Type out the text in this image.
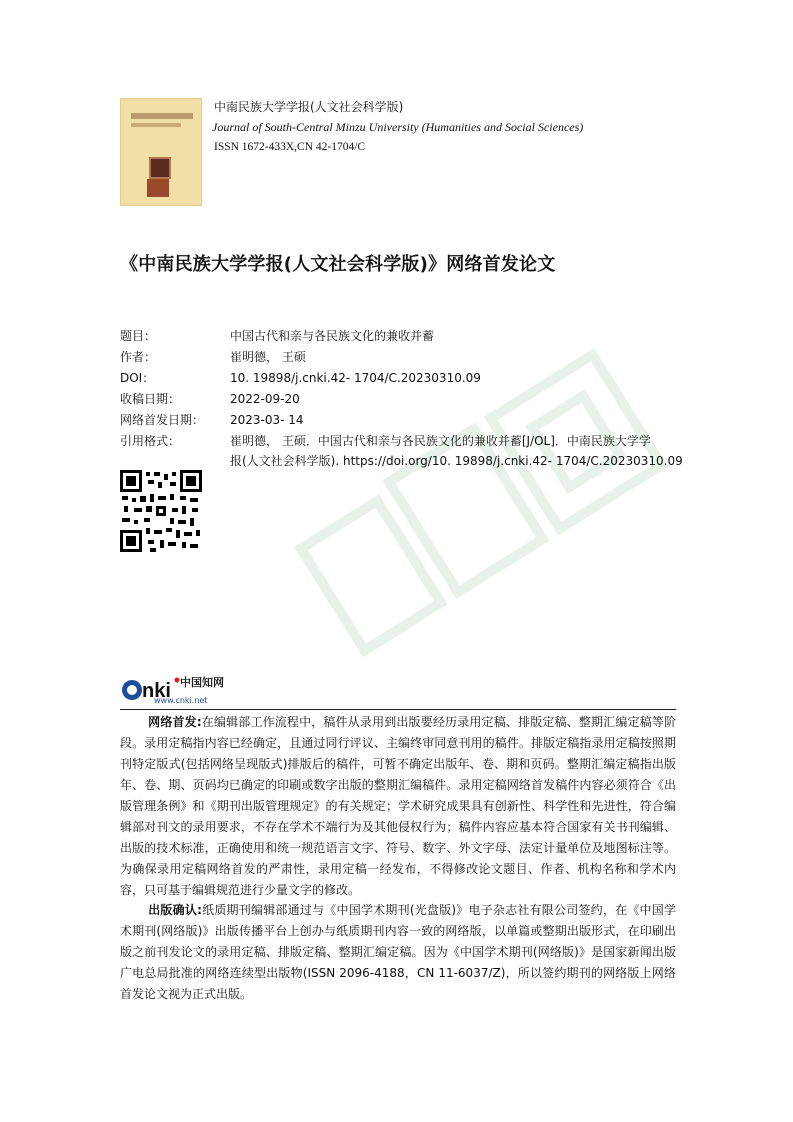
中南民族大学学报(人文社会科学版)
Journal of South-Central Minzu University (Humanities and Social Sciences)
ISSN 1672-433X,CN 42-1704/C
《中南民族大学学报(人文社会科学版)》网络首发论文
题目：	中国古代和亲与各民族文化的兼收并蓄
作者：	崔明德， 王硕
DOI：	10. 19898/j.cnki.42- 1704/C.20230310.09
收稿日期：	2022-09-20
网络首发日期： 2023-03- 14
引用格式：	崔明德， 王硕．中国古代和亲与各民族文化的兼收并蓄[J/OL]．中南民族大学学
报(人文社会科学版). https://doi.org/10. 19898/j.cnki.42- 1704/C.20230310.09
nki 中国知网
www.cnki.net
网络首发:在编辑部工作流程中，稿件从录用到出版要经历录用定稿、排版定稿、整期汇编定稿等阶段。录用定稿指内容已经确定，且通过同行评议、主编终审同意刊用的稿件。排版定稿指录用定稿按照期刊特定版式(包括网络呈现版式)排版后的稿件，可暂不确定出版年、卷、期和页码。整期汇编定稿指出版年、卷、期、页码均已确定的印刷或数字出版的整期汇编稿件。录用定稿网络首发稿件内容必须符合《出版管理条例》和《期刊出版管理规定》的有关规定；学术研究成果具有创新性、科学性和先进性，符合编辑部对刊文的录用要求，不存在学术不端行为及其他侵权行为；稿件内容应基本符合国家有关书刊编辑、出版的技术标准，正确使用和统一规范语言文字、符号、数字、外文字母、法定计量单位及地图标注等。为确保录用定稿网络首发的严肃性，录用定稿一经发布，不得修改论文题目、作者、机构名称和学术内容，只可基于编辑规范进行少量文字的修改。
出版确认:纸质期刊编辑部通过与《中国学术期刊(光盘版)》电子杂志社有限公司签约，在《中国学术期刊(网络版)》出版传播平台上创办与纸质期刊内容一致的网络版，以单篇或整期出版形式，在印刷出版之前刊发论文的录用定稿、排版定稿、整期汇编定稿。因为《中国学术期刊(网络版)》是国家新闻出版广电总局批准的网络连续型出版物(ISSN 2096-4188，CN 11-6037/Z)，所以签约期刊的网络版上网络首发论文视为正式出版。
